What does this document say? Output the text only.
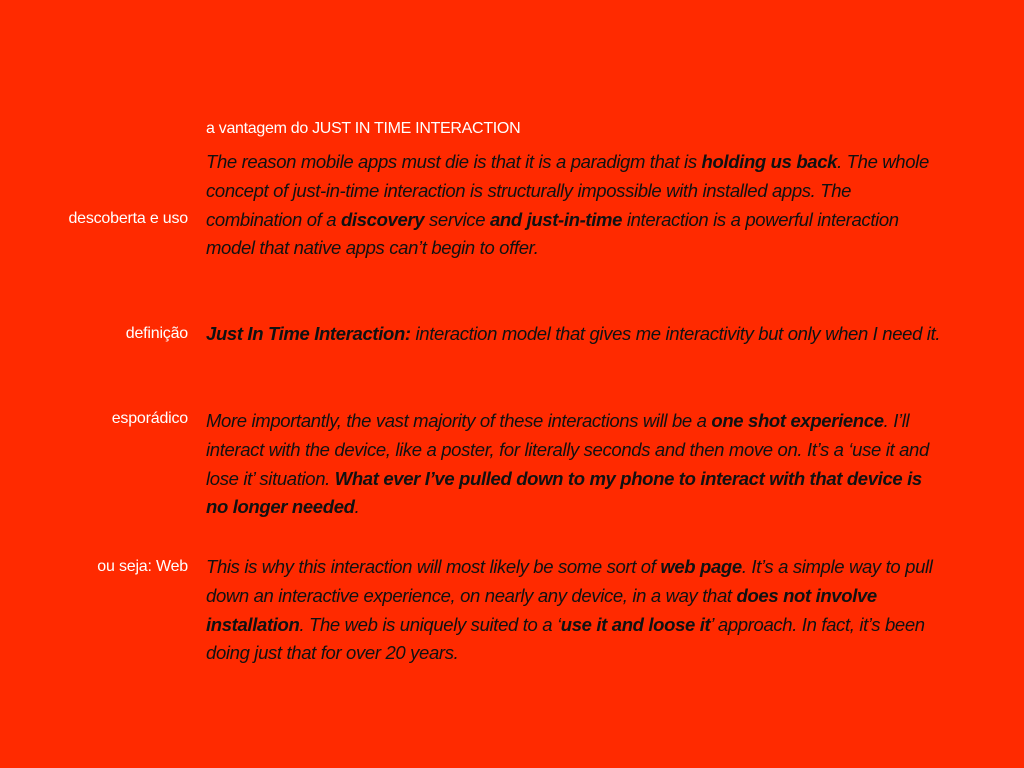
a vantagem do JUST IN TIME INTERACTION
descoberta e uso
definição
esporádico
ou seja: Web

The reason mobile apps must die is that it is a paradigm that is holding us back. The whole concept of just-in-time interaction is structurally impossible with installed apps. The combination of a discovery service and just-in-time interaction is a powerful interaction model that native apps can’t begin to offer.

Just In Time Interaction: interaction model that gives me interactivity but only when I need it.

More importantly, the vast majority of these interactions will be a one shot experience. I’ll interact with the device, like a poster, for literally seconds and then move on. It’s a ‘use it and lose it’ situation. What ever I’ve pulled down to my phone to interact with that device is no longer needed.

This is why this interaction will most likely be some sort of web page. It’s a simple way to pull down an interactive experience, on nearly any device, in a way that does not involve installation. The web is uniquely suited to a ‘use it and loose it’ approach. In fact, it’s been doing just that for over 20 years.
